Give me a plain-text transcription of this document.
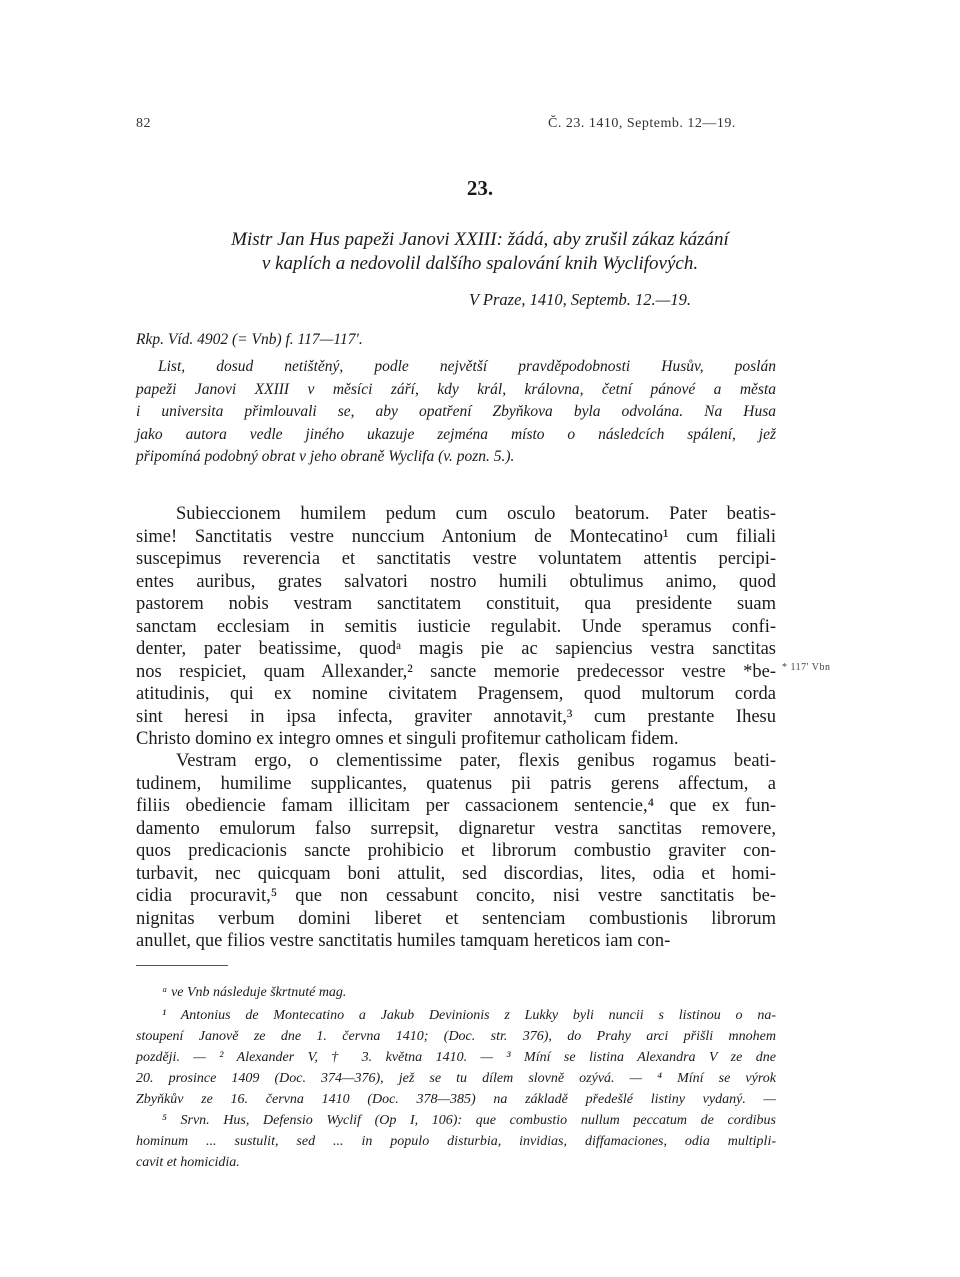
82	Č. 23. 1410, Septemb. 12—19.
23.
Mistr Jan Hus papeži Janovi XXIII: žádá, aby zrušil zákaz kázání
v kaplích a nedovolil dalšího spalování knih Wyclifových.
V Praze, 1410, Septemb. 12.—19.
Rkp. Víd. 4902 (= Vnb) f. 117—117'.
List, dosud netištěný, podle největší pravděpodobnosti Husův, poslán
papeži Janovi XXIII v měsíci září, kdy král, královna, četní pánové a města
i universita přimlouvali se, aby opatření Zbyňkova byla odvolána. Na Husa
jako autora vedle jiného ukazuje zejména místo o následcích spálení, jež
připomíná podobný obrat v jeho obraně Wyclifa (v. pozn. 5.).
Subieccionem humilem pedum cum osculo beatorum. Pater beatis-
sime! Sanctitatis vestre nunccium Antonium de Montecatino¹ cum filiali
suscepimus reverencia et sanctitatis vestre voluntatem attentis percipi-
entes auribus, grates salvatori nostro humili obtulimus animo, quod
pastorem nobis vestram sanctitatem constituit, qua presidente suam
sanctam ecclesiam in semitis iusticie regulabit. Unde speramus confi-
denter, pater beatissime, quodᵃ magis pie ac sapiencius vestra sanctitas
nos respiciet, quam Allexander,² sancte memorie predecessor vestre *be-
atitudinis, qui ex nomine civitatem Pragensem, quod multorum corda
sint heresi in ipsa infecta, graviter annotavit,³ cum prestante Ihesu
Christo domino ex integro omnes et singuli profitemur catholicam fidem.
* 117' Vbn
Vestram ergo, o clementissime pater, flexis genibus rogamus beati-
tudinem, humilime supplicantes, quatenus pii patris gerens affectum, a
filiis obediencie famam illicitam per cassacionem sentencie,⁴ que ex fun-
damento emulorum falso surrepsit, dignaretur vestra sanctitas removere,
quos predicacionis sancte prohibicio et librorum combustio graviter con-
turbavit, nec quicquam boni attulit, sed discordias, lites, odia et homi-
cidia procuravit,⁵ que non cessabunt concito, nisi vestre sanctitatis be-
nignitas verbum domini liberet et sentenciam combustionis librorum
anullet, que filios vestre sanctitatis humiles tamquam hereticos iam con-
ᵃ ve Vnb následuje škrtnuté mag.
¹ Antonius de Montecatino a Jakub Devinionis z Lukky byli nuncii s listinou o na-
stoupení Janově ze dne 1. června 1410; (Doc. str. 376), do Prahy arci přišli mnohem
později. — ² Alexander V, † 3. května 1410. — ³ Míní se listina Alexandra V ze dne
20. prosince 1409 (Doc. 374—376), jež se tu dílem slovně ozývá. — ⁴ Míní se výrok
Zbyňkův ze 16. června 1410 (Doc. 378—385) na základě předešlé listiny vydaný. —
⁵ Srvn. Hus, Defensio Wyclif (Op I, 106): que combustio nullum peccatum de cordibus
hominum ... sustulit, sed ... in populo disturbia, invidias, diffamaciones, odia multipli-
cavit et homicidia.
